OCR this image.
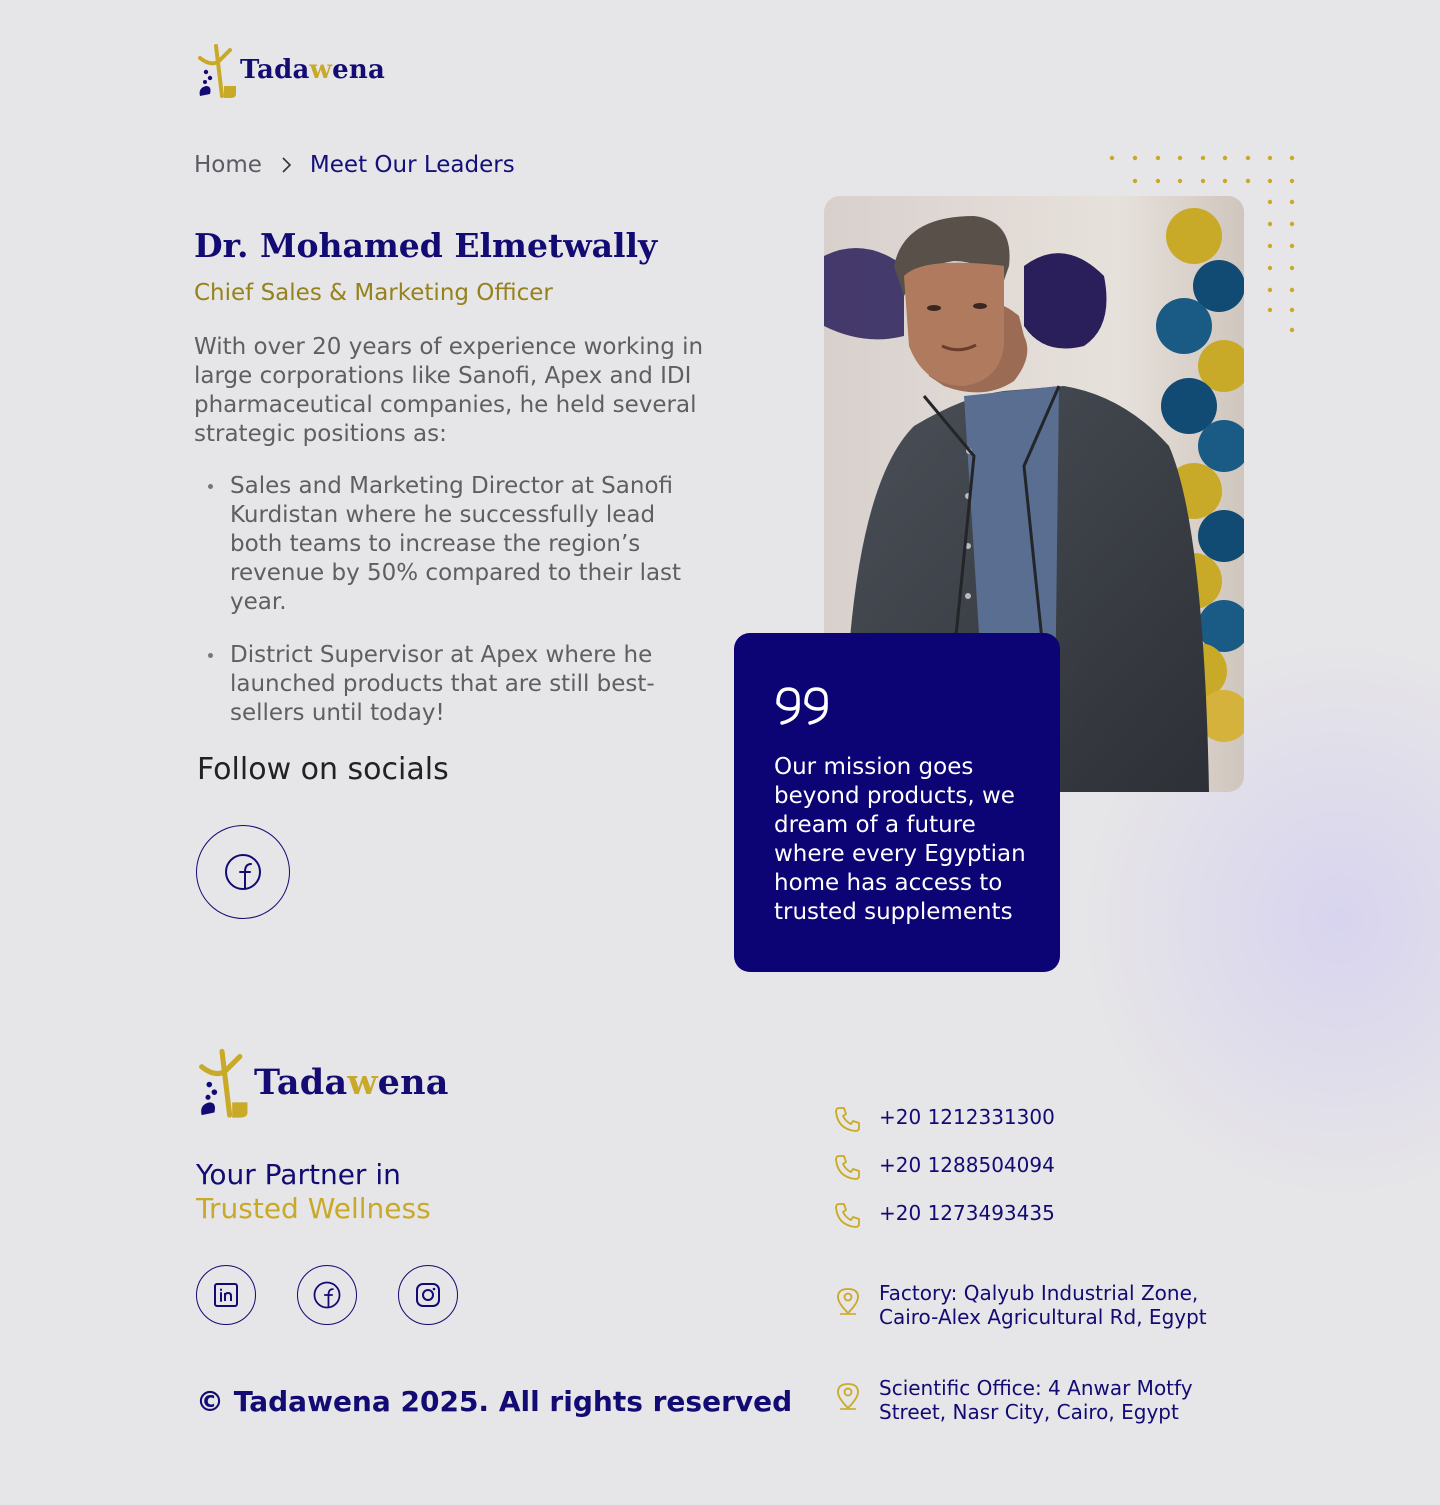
Tadawena
Home Meet Our Leaders
Dr. Mohamed Elmetwally
Chief Sales & Marketing Officer

With over 20 years of experience working in large corporations like Sanofi, Apex and IDI pharmaceutical companies, he held several strategic positions as:

Sales and Marketing Director at Sanofi Kurdistan where he successfully lead both teams to increase the region’s revenue by 50% compared to their last year.
District Supervisor at Apex where he launched products that are still best-sellers until today!
Follow on socials	Our mission goes beyond products, we dream of a future where every Egyptian home has access to trusted supplements
Tadawena
Your Partner in
Trusted Wellness
© Tadawena 2025. All rights reserved
+20 1212331300
+20 1288504094
+20 1273493435
Factory: Qalyub Industrial Zone,
Cairo-Alex Agricultural Rd, Egypt
Scientific Office: 4 Anwar Motfy
Street, Nasr City, Cairo, Egypt
